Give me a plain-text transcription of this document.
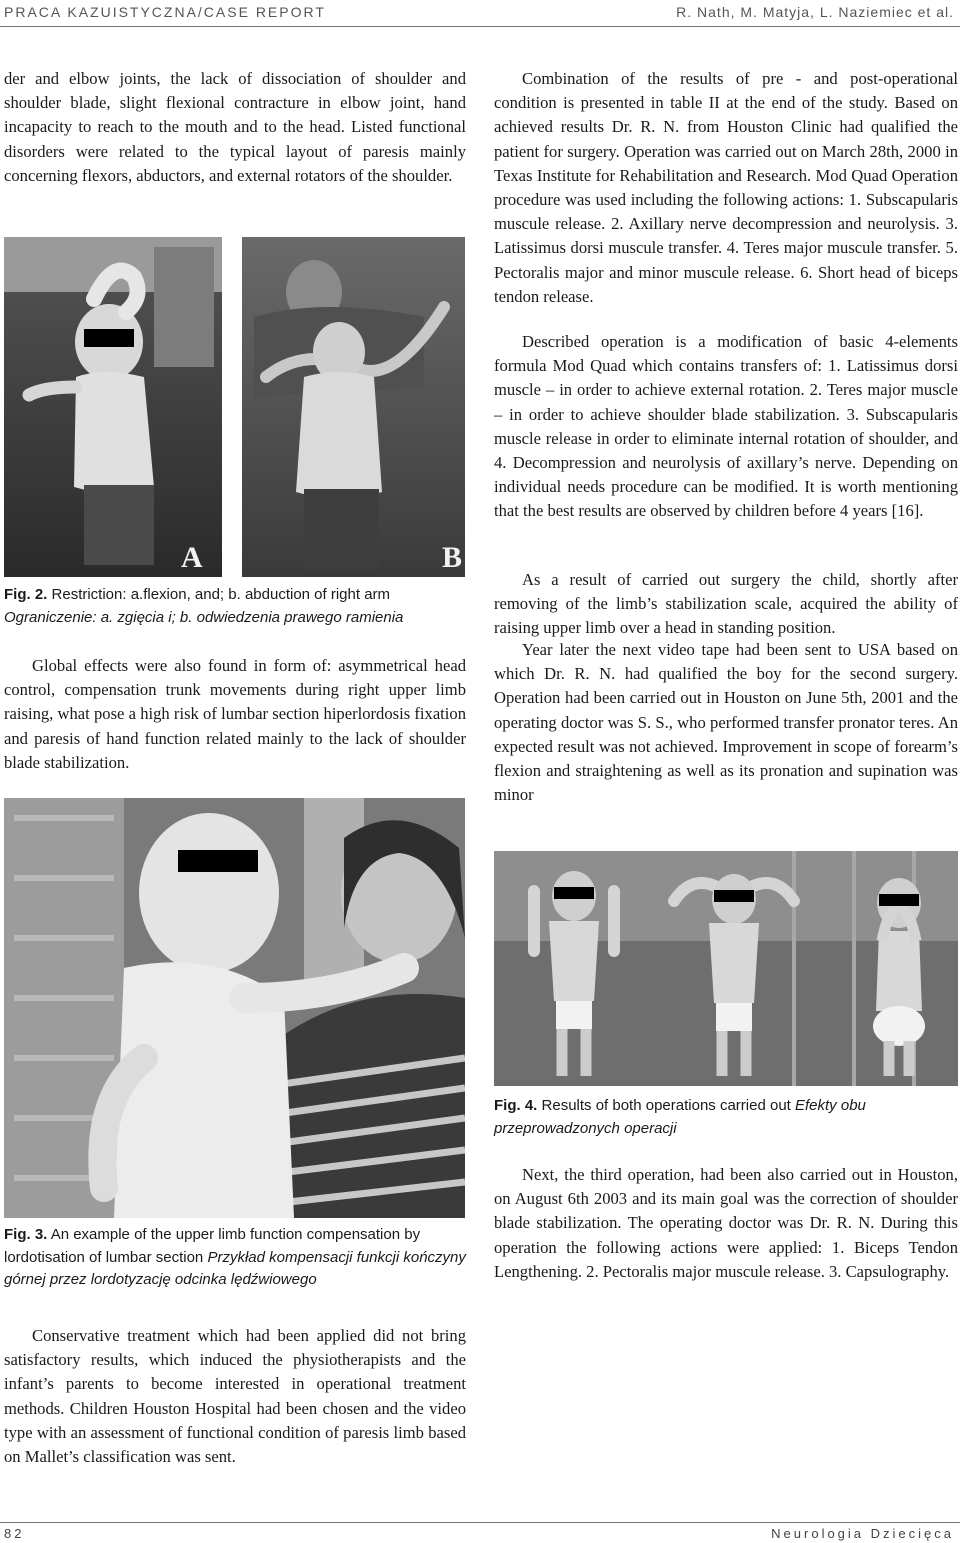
PRACA KAZUISTYCZNA/CASE REPORT	R. Nath, M. Matyja, L. Naziemiec et al.

der and elbow joints, the lack of dissociation of shoulder and shoulder blade, slight flexional contracture in elbow joint, hand incapacity to reach to the mouth and to the head. Listed functional disorders were related to the typical layout of paresis mainly concerning flexors, abductors, and external rotators of the shoulder.

A	B

Fig. 2. Restriction: a.flexion, and; b. abduction of right arm
Ograniczenie: a. zgięcia i; b. odwiedzenia prawego ramienia

Global effects were also found in form of: asymmetrical head control, compensation trunk movements during right upper limb raising, what pose a high risk of lumbar section hiperlordosis fixation and paresis of hand function related mainly to the lack of shoulder blade stabilization.

Fig. 3. An example of the upper limb function compensation by lordotisation of lumbar section Przykład kompensacji funkcji kończyny górnej przez lordotyzację odcinka lędźwiowego

Conservative treatment which had been applied did not bring satisfactory results, which induced the physiotherapists and the infant’s parents to become interested in operational treatment methods. Children Houston Hospital had been chosen and the video type with an assessment of functional condition of paresis limb based on Mallet’s classification was sent.

Combination of the results of pre - and post-operational condition is presented in table II at the end of the study. Based on achieved results Dr. R. N. from Houston Clinic had qualified the patient for surgery. Operation was carried out on March 28th, 2000 in Texas Institute for Rehabilitation and Research. Mod Quad Operation procedure was used including the following actions: 1. Subscapularis muscule release. 2. Axillary nerve decompression and neurolysis. 3. Latissimus dorsi muscule transfer. 4. Teres major muscule transfer. 5. Pectoralis major and minor muscule release. 6. Short head of biceps tendon release.

Described operation is a modification of basic 4-elements formula Mod Quad which contains transfers of: 1. Latissimus dorsi muscle – in order to achieve external rotation. 2. Teres major muscle – in order to achieve shoulder blade stabilization. 3. Subscapularis muscle release in order to eliminate internal rotation of shoulder, and 4. Decompression and neurolysis of axillary’s nerve. Depending on individual needs procedure can be modified. It is worth mentioning that the best results are observed by children before 4 years [16].

As a result of carried out surgery the child, shortly after removing of the limb’s stabilization scale, acquired the ability of raising upper limb over a head in standing position.

Year later the next video tape had been sent to USA based on which Dr. R. N. had qualified the boy for the second surgery. Operation had been carried out in Houston on June 5th, 2001 and the operating doctor was S. S., who performed transfer pronator teres. An expected result was not achieved. Improvement in scope of forearm’s flexion and straightening as well as its pronation and supination was minor

Fig. 4. Results of both operations carried out Efekty obu przeprowadzonych operacji

Next, the third operation, had been also carried out in Houston, on August 6th 2003 and its main goal was the correction of shoulder blade stabilization. The operating doctor was Dr. R. N. During this operation the following actions were applied: 1. Biceps Tendon Lengthening. 2. Pectoralis major muscule release. 3. Capsulography.

82	Neurologia Dziecięca
